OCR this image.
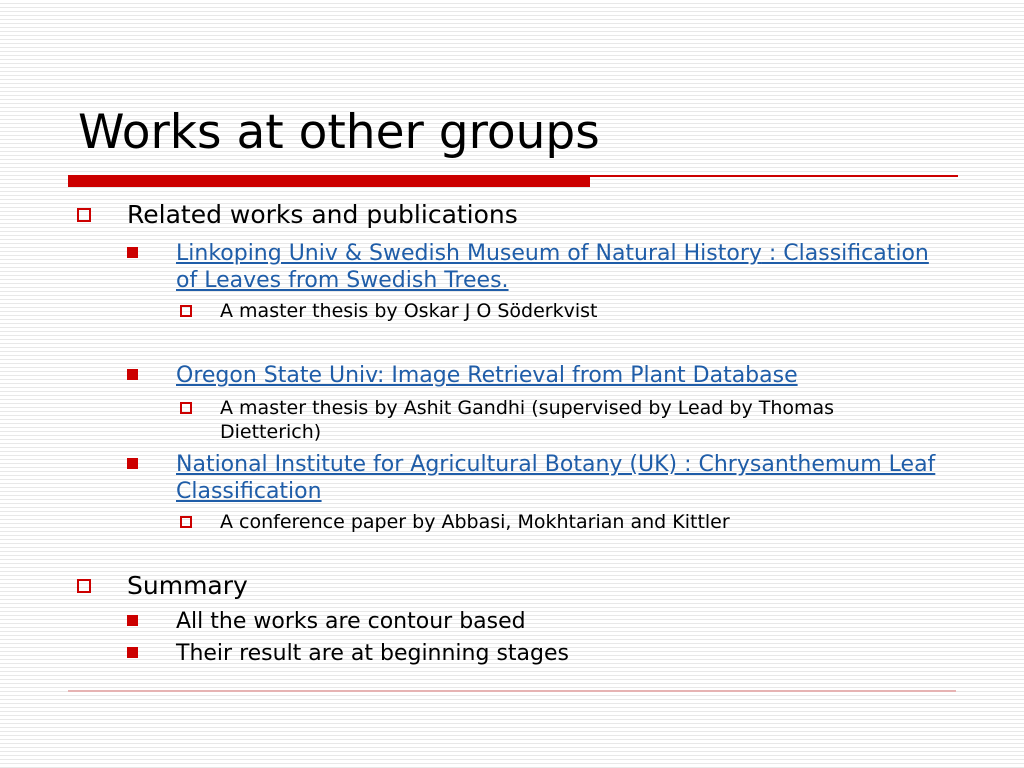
Works at other groups
Related works and publications
Linkoping Univ & Swedish Museum of Natural History : Classification of Leaves from Swedish Trees.
A master thesis by Oskar J O Söderkvist
Oregon State Univ: Image Retrieval from Plant Database
A master thesis by Ashit Gandhi (supervised by Lead by Thomas Dietterich)
National Institute for Agricultural Botany (UK) : Chrysanthemum Leaf Classification
A conference paper by Abbasi, Mokhtarian and Kittler
Summary
All the works are contour based
Their result are at beginning stages
